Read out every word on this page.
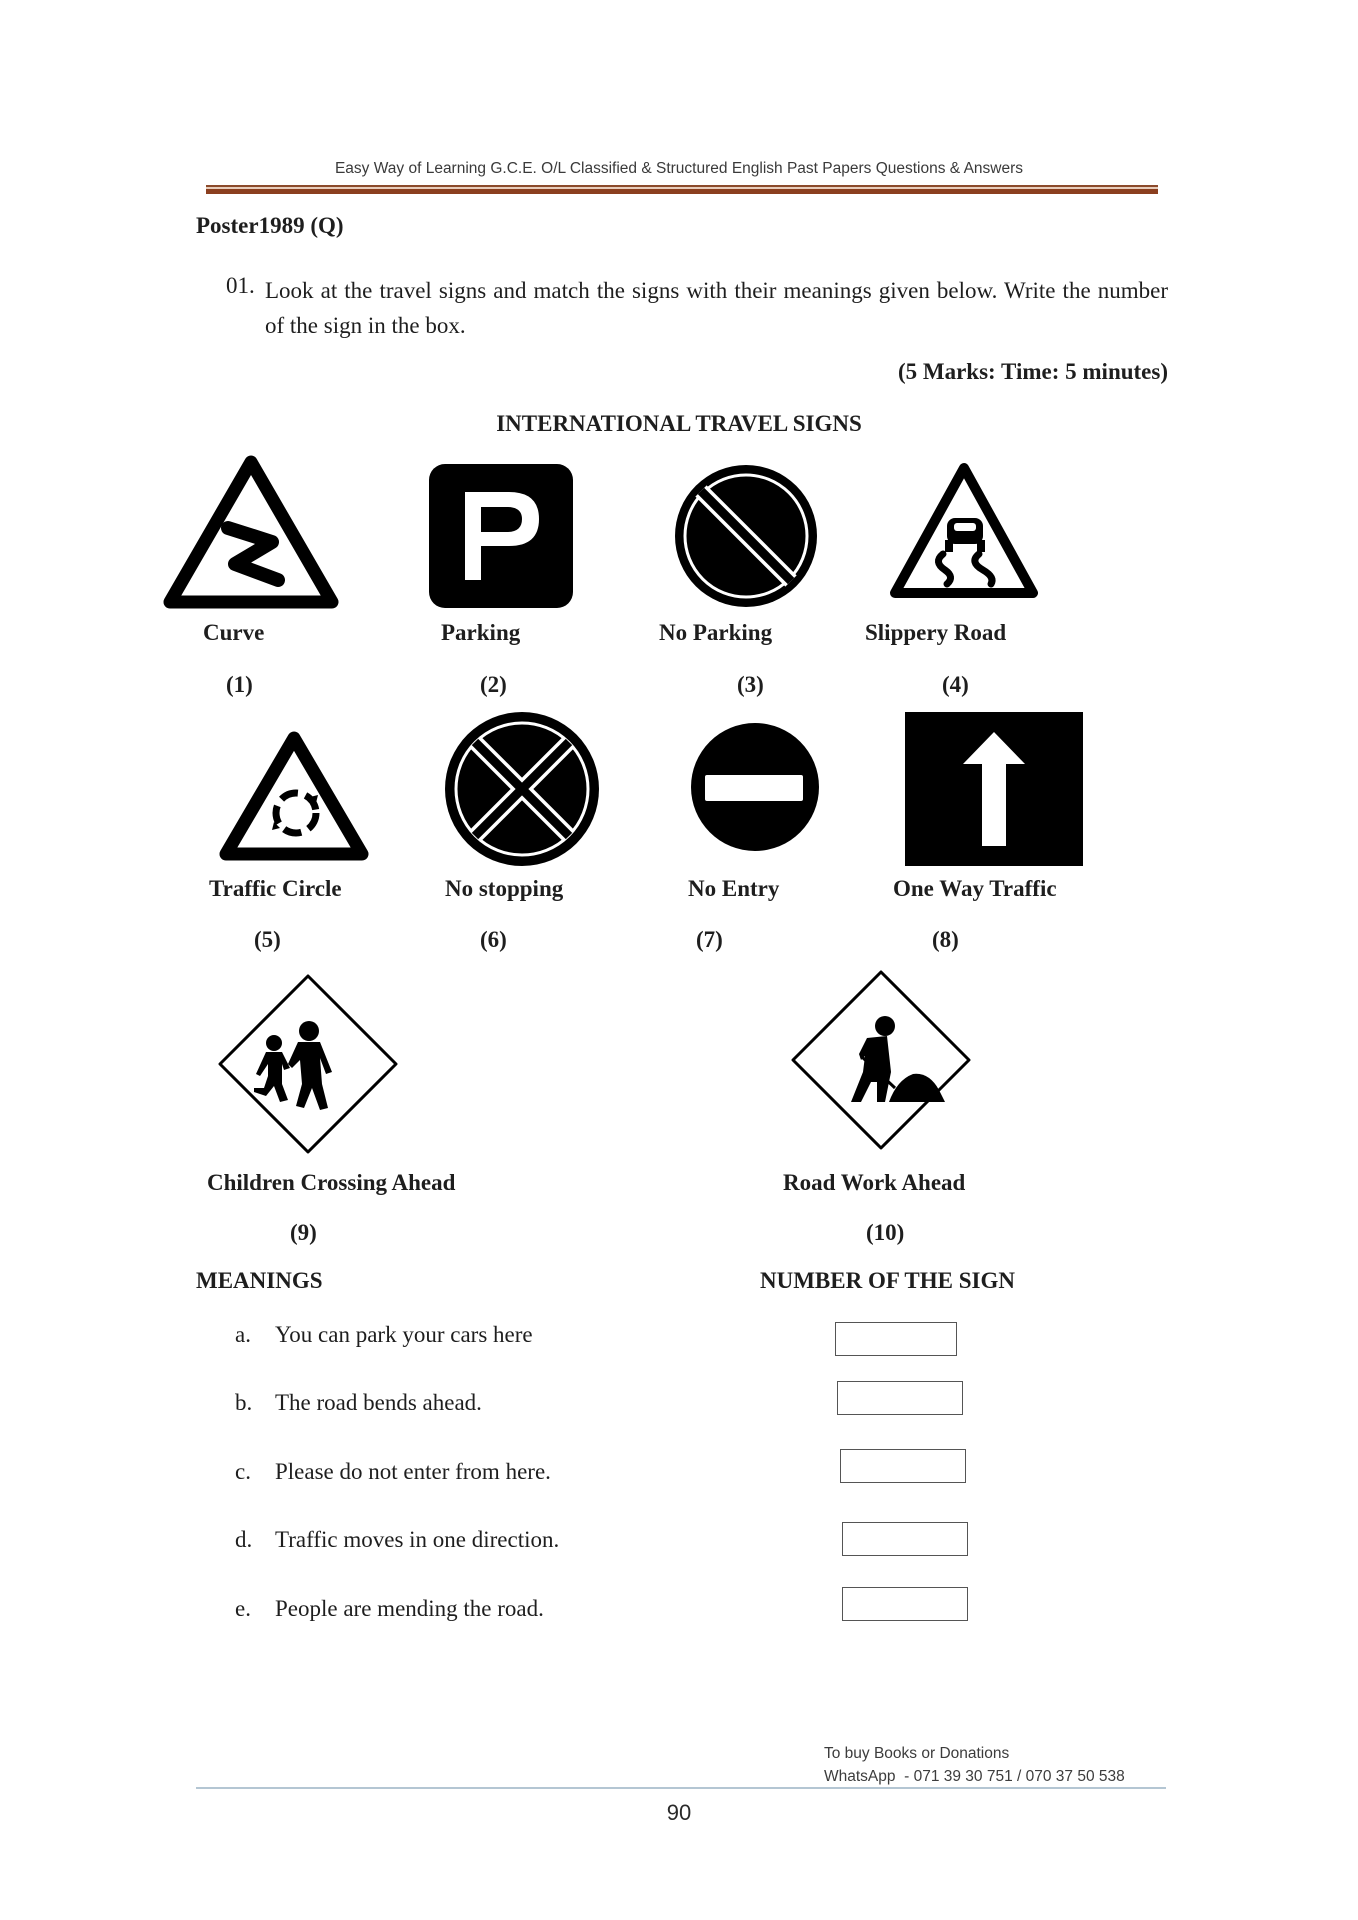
Easy Way of Learning G.C.E. O/L Classified & Structured English Past Papers Questions & Answers
Poster1989 (Q)
01. Look at the travel signs and match the signs with their meanings given below. Write the number of the sign in the box.
(5 Marks: Time: 5 minutes)
INTERNATIONAL TRAVEL SIGNS
Curve
(1)
Parking
(2)
No Parking
(3)
Slippery Road
(4)
Traffic Circle
(5)
No stopping
(6)
No Entry
(7)
One Way Traffic
(8)
Children Crossing Ahead
(9)
Road Work Ahead
(10)
MEANINGS	NUMBER OF THE SIGN
a. You can park your cars here
b. The road bends ahead.
c. Please do not enter from here.
d. Traffic moves in one direction.
e. People are mending the road.
To buy Books or Donations
WhatsApp  - 071 39 30 751 / 070 37 50 538
90
